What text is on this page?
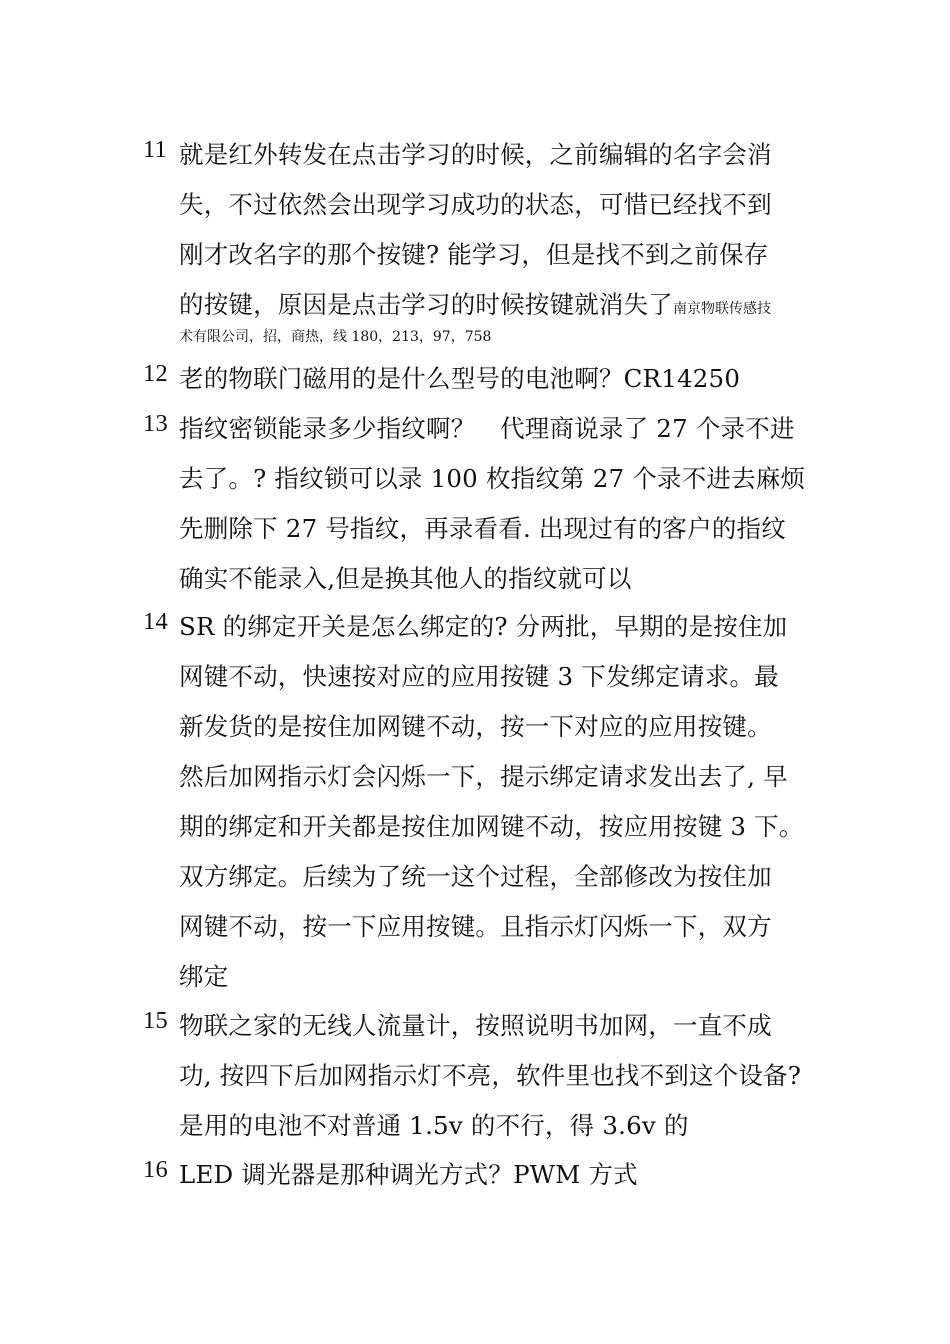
11 就是红外转发在点击学习的时候，之前编辑的名字会消
失，不过依然会出现学习成功的状态，可惜已经找不到
刚才改名字的那个按键? 能学习，但是找不到之前保存
的按键，原因是点击学习的时候按键就消失了南京物联传感技
术有限公司，招，商热，线 180，213，97，758
12 老的物联门磁用的是什么型号的电池啊？CR14250
13 指纹密锁能录多少指纹啊？　代理商说录了 27 个录不进
去了。? 指纹锁可以录 100 枚指纹第 27 个录不进去麻烦
先删除下 27 号指纹，再录看看. 出现过有的客户的指纹
确实不能录入,但是换其他人的指纹就可以
14 SR 的绑定开关是怎么绑定的? 分两批，早期的是按住加
网键不动，快速按对应的应用按键 3 下发绑定请求。最
新发货的是按住加网键不动，按一下对应的应用按键。
然后加网指示灯会闪烁一下，提示绑定请求发出去了, 早
期的绑定和开关都是按住加网键不动，按应用按键 3 下。
双方绑定。后续为了统一这个过程，全部修改为按住加
网键不动，按一下应用按键。且指示灯闪烁一下，双方
绑定
15 物联之家的无线人流量计，按照说明书加网，一直不成
功, 按四下后加网指示灯不亮，软件里也找不到这个设备?
是用的电池不对普通 1.5v 的不行，得 3.6v 的
16 LED 调光器是那种调光方式？PWM 方式
